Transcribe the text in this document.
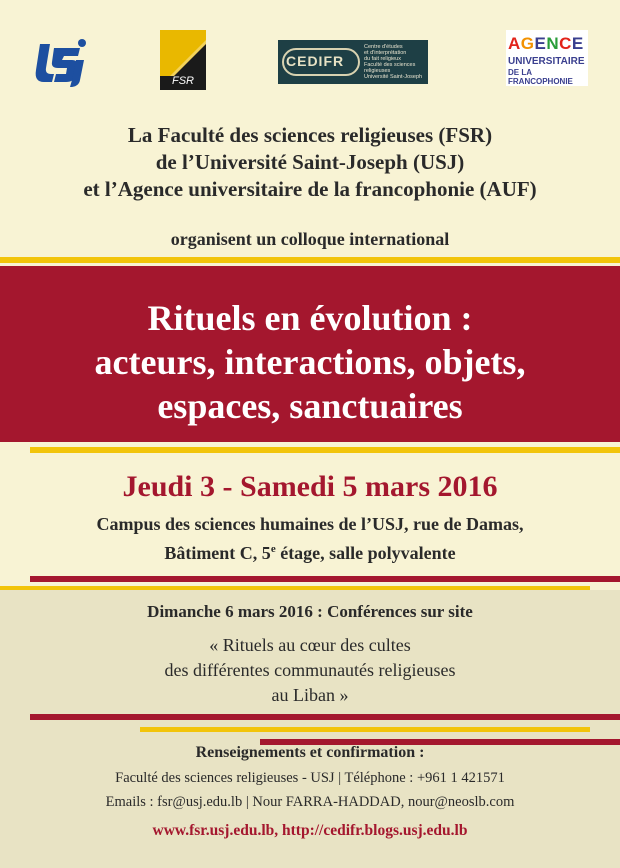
FSR
CEDIFR
Centre d'études
et d'interprétation
du fait religieux
Faculté des sciences religieuses
Université Saint-Joseph
AGENCE
UNIVERSITAIRE
DE LA FRANCOPHONIE
La Faculté des sciences religieuses (FSR)
de l’Université Saint-Joseph (USJ)
et l’Agence universitaire de la francophonie (AUF)
organisent un colloque international
Rituels en évolution :
acteurs, interactions, objets,
espaces, sanctuaires
Jeudi 3 - Samedi 5 mars 2016
Campus des sciences humaines de l’USJ, rue de Damas,
Bâtiment C, 5e étage, salle polyvalente
Dimanche 6 mars 2016 : Conférences sur site
« Rituels au cœur des cultes
des différentes communautés religieuses
au Liban »
Renseignements et confirmation :
Faculté des sciences religieuses - USJ | Téléphone : +961 1 421571
Emails : fsr@usj.edu.lb | Nour FARRA-HADDAD, nour@neoslb.com
www.fsr.usj.edu.lb, http://cedifr.blogs.usj.edu.lb
